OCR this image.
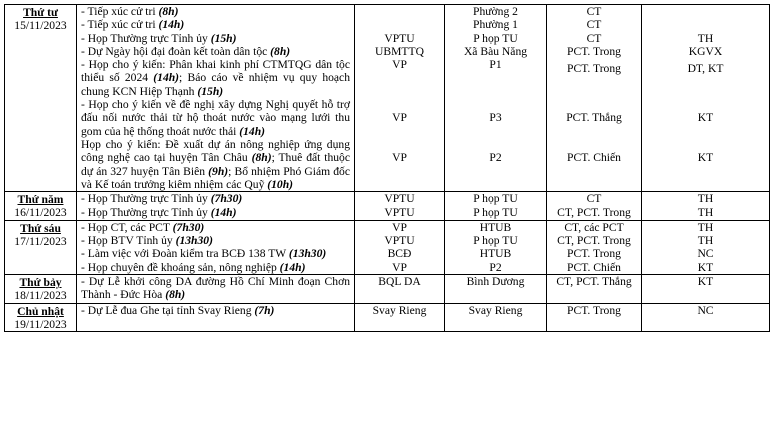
Thứ tư
15/11/2023	- Tiếp xúc cử tri (8h)		Phường 2	CT	
	- Tiếp xúc cử tri (14h)		Phường 1	CT	
	- Họp Thường trực Tỉnh ủy (15h)	VPTU	P họp TU	CT	TH
	- Dự Ngày hội đại đoàn kết toàn dân tộc (8h)	UBMTTQ	Xã Bàu Năng	PCT. Trong	KGVX
	- Họp cho ý kiến: Phân khai kinh phí CTMTQG dân tộc thiểu số 2024 (14h); Báo cáo về nhiệm vụ quy hoạch chung KCN Hiệp Thạnh (15h)	VP	P1	PCT. Trong	DT, KT
	- Họp cho ý kiến về đề nghị xây dựng Nghị quyết hỗ trợ đấu nối nước thải từ hộ thoát nước vào mạng lưới thu gom của hệ thống thoát nước thải (14h)	VP	P3	PCT. Thắng	KT
	Họp cho ý kiến: Đề xuất dự án nông nghiệp ứng dụng công nghệ cao tại huyện Tân Châu (8h); Thuê đất thuộc dự án 327 huyện Tân Biên (9h); Bổ nhiệm Phó Giám đốc và Kế toán trưởng kiêm nhiệm các Quỹ (10h)	VP	P2	PCT. Chiến	KT

Thứ năm
16/11/2023	- Họp Thường trực Tỉnh ủy (7h30)	VPTU	P họp TU	CT	TH
	- Họp Thường trực Tỉnh ủy (14h)	VPTU	P họp TU	CT, PCT. Trong	TH

Thứ sáu
17/11/2023	- Họp CT, các PCT (7h30)	VP	HTUB	CT, các PCT	TH
	- Họp BTV Tỉnh ủy (13h30)	VPTU	P họp TU	CT, PCT. Trong	TH
	- Làm việc với Đoàn kiểm tra BCĐ 138 TW (13h30)	BCĐ	HTUB	PCT. Trong	NC
	- Họp chuyên đề khoáng sản, nông nghiệp (14h)	VP	P2	PCT. Chiến	KT

Thứ bảy
18/11/2023	- Dự Lễ khởi công DA đường Hồ Chí Minh đoạn Chơn Thành - Đức Hòa (8h)	BQL DA	Bình Dương	CT, PCT. Thắng	KT

Chủ nhật
19/11/2023	- Dự Lễ đua Ghe tại tỉnh Svay Rieng (7h)	Svay Rieng	Svay Rieng	PCT. Trong	NC
